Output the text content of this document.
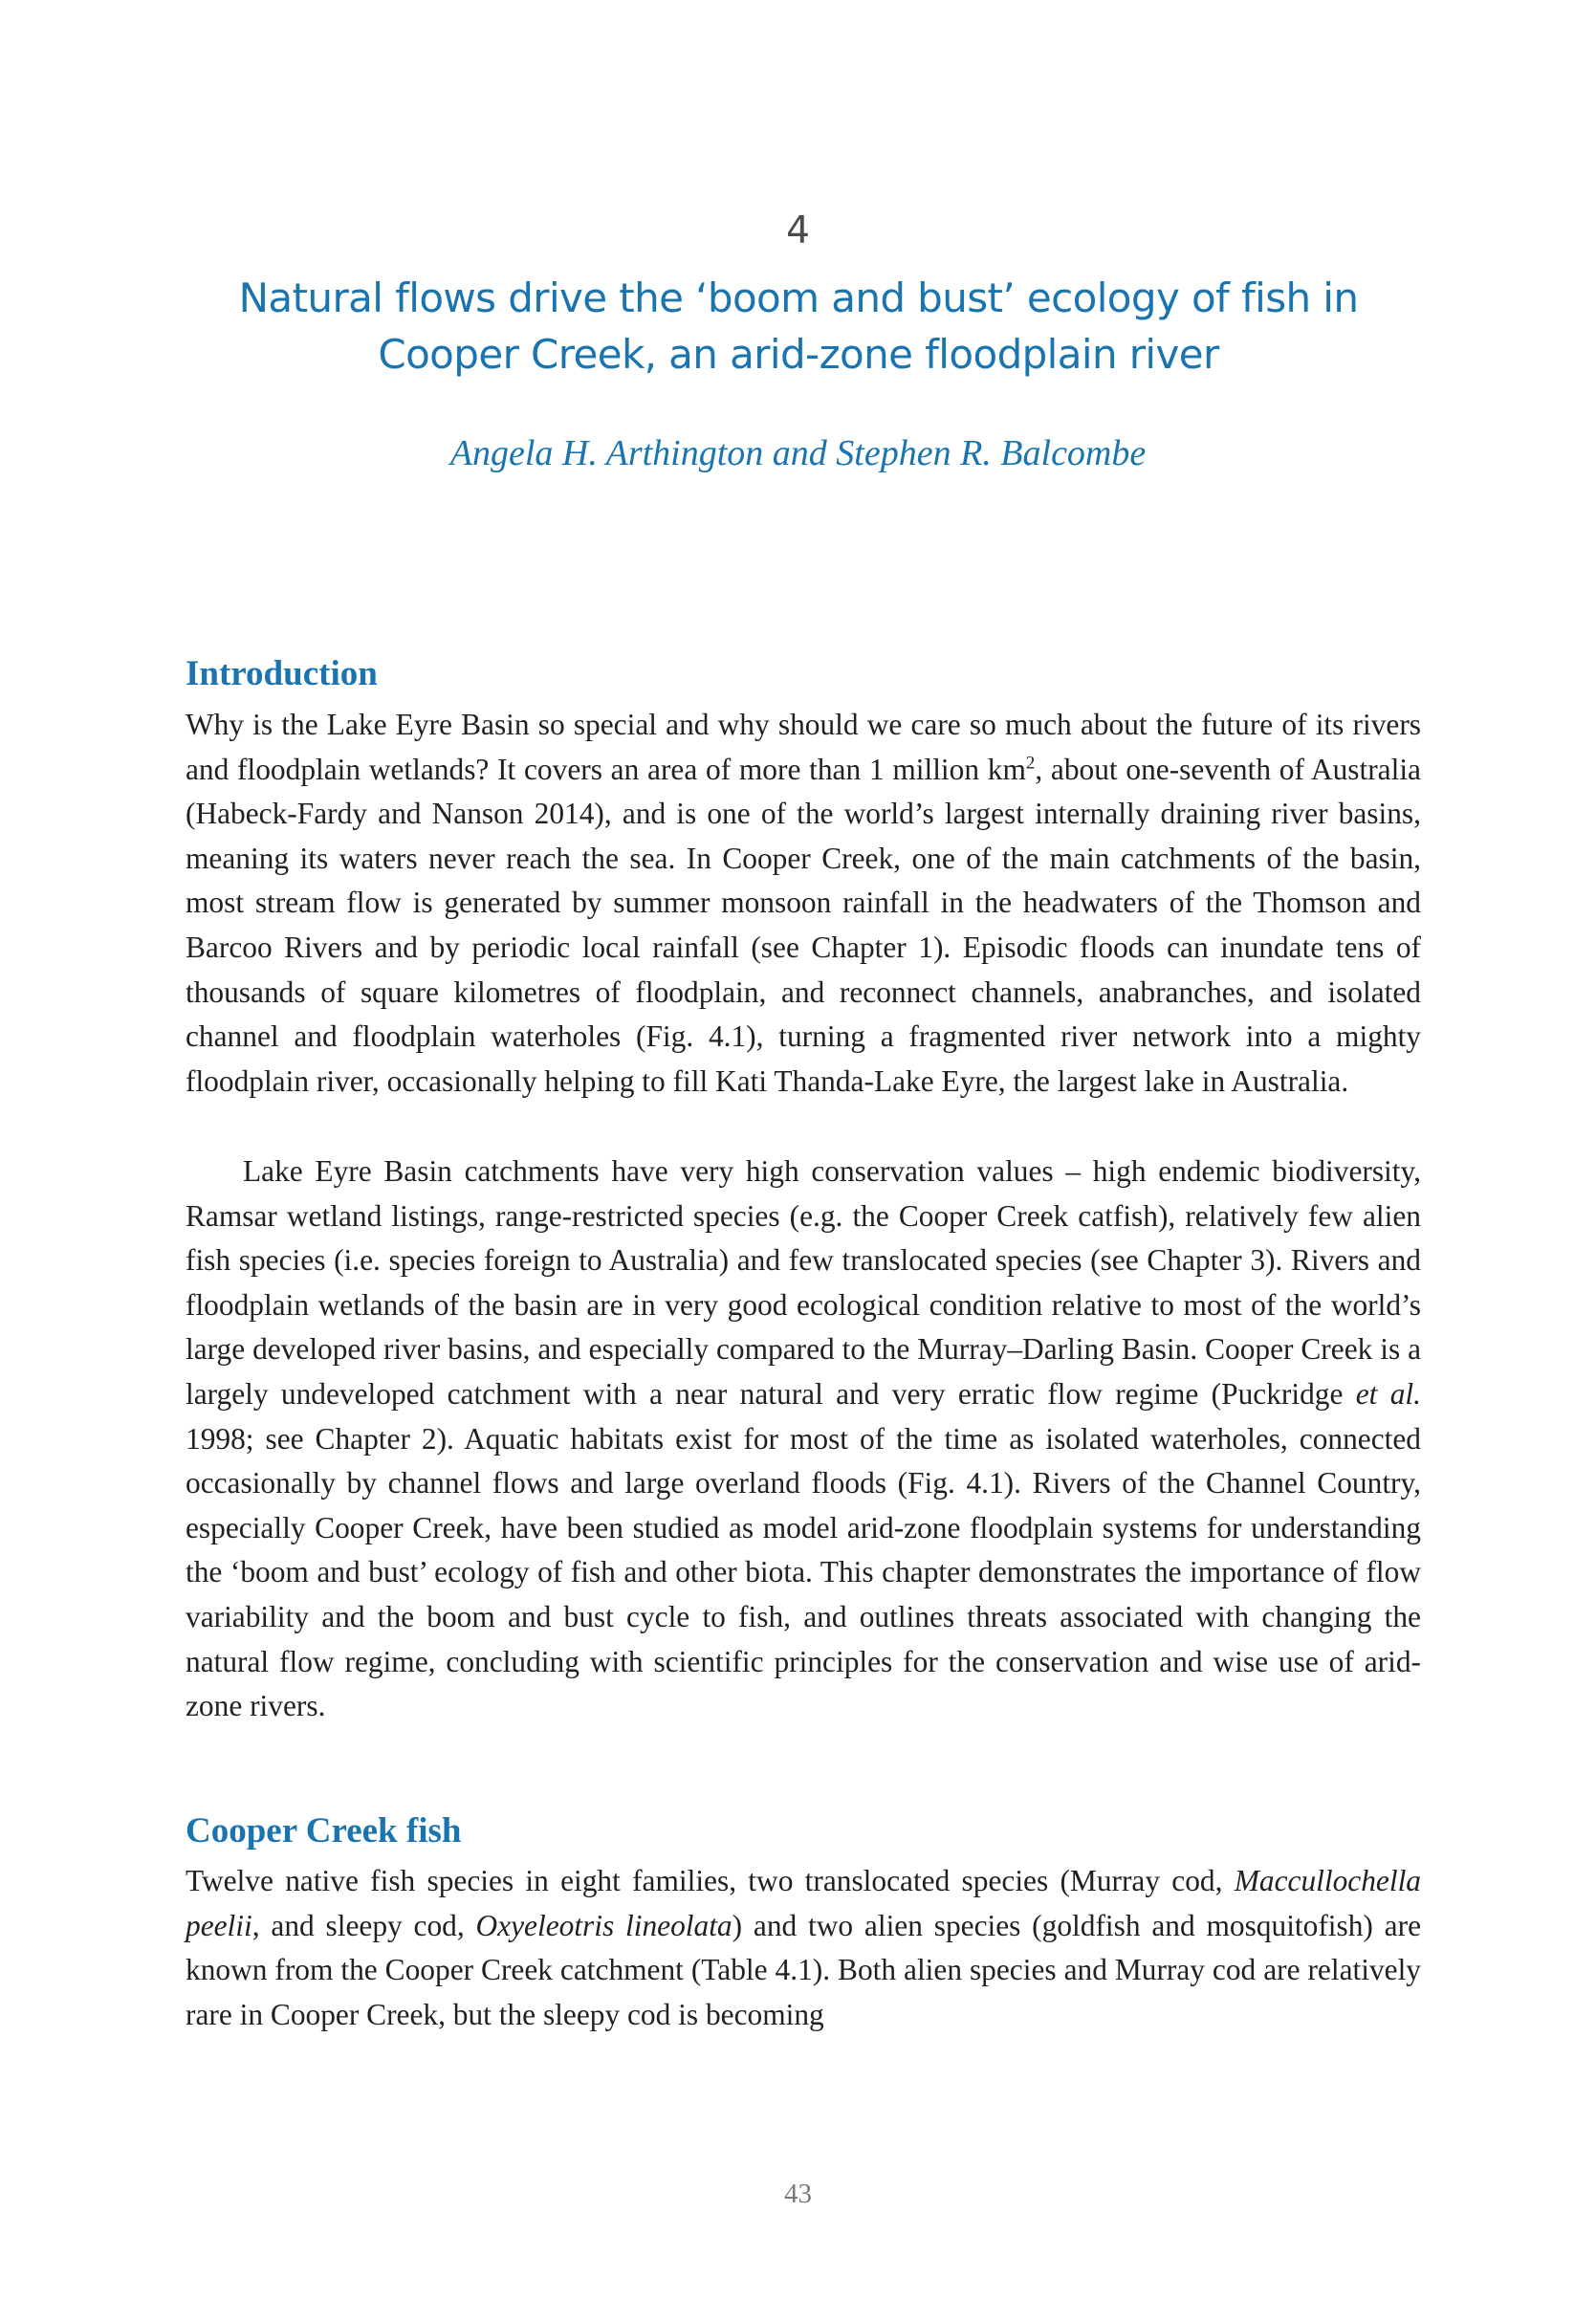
4
Natural flows drive the ‘boom and bust’ ecology of fish in Cooper Creek, an arid-zone floodplain river
Angela H. Arthington and Stephen R. Balcombe
Introduction

Why is the Lake Eyre Basin so special and why should we care so much about the future of its rivers and floodplain wetlands? It covers an area of more than 1 million $km^2$, about one-seventh of Australia (Habeck-Fardy and Nanson 2014), and is one of the world’s largest internally draining river basins, meaning its waters never reach the sea. In Cooper Creek, one of the main catchments of the basin, most stream flow is generated by summer monsoon rainfall in the headwaters of the Thomson and Barcoo Rivers and by periodic local rainfall (see Chapter 1). Episodic floods can inundate tens of thousands of square kilometres of floodplain, and reconnect channels, anabranches, and isolated channel and floodplain waterholes (Fig. 4.1), turning a fragmented river network into a mighty floodplain river, occasionally helping to fill Kati Thanda-Lake Eyre, the largest lake in Australia.

Lake Eyre Basin catchments have very high conservation values – high endemic biodiversity, Ramsar wetland listings, range-restricted species (e.g. the Cooper Creek catfish), relatively few alien fish species (i.e. species foreign to Australia) and few translocated species (see Chapter 3). Rivers and floodplain wetlands of the basin are in very good ecological condition relative to most of the world’s large developed river basins, and especially compared to the Murray–Darling Basin. Cooper Creek is a largely undeveloped catchment with a near natural and very erratic flow regime (Puckridge et al. 1998; see Chapter 2). Aquatic habitats exist for most of the time as isolated waterholes, connected occasionally by channel flows and large overland floods (Fig. 4.1). Rivers of the Channel Country, especially Cooper Creek, have been studied as model arid-zone floodplain systems for understanding the ‘boom and bust’ ecology of fish and other biota. This chapter demonstrates the importance of flow variability and the boom and bust cycle to fish, and outlines threats associated with changing the natural flow regime, concluding with scientific principles for the conservation and wise use of arid-zone rivers.

Cooper Creek fish

Twelve native fish species in eight families, two translocated species (Murray cod, Maccullochella peelii, and sleepy cod, Oxyeleotris lineolata) and two alien species (goldfish and mosquitofish) are known from the Cooper Creek catchment (Table 4.1). Both alien species and Murray cod are relatively rare in Cooper Creek, but the sleepy cod is becoming

43
